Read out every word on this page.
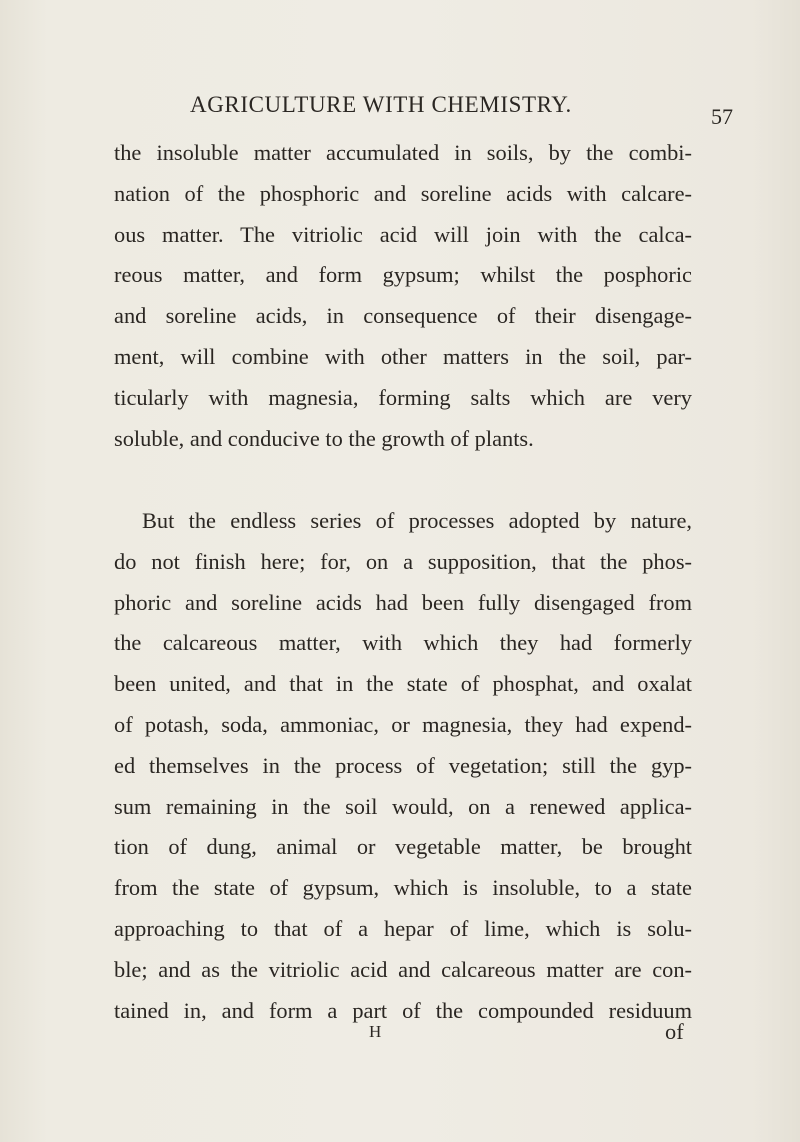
AGRICULTURE WITH CHEMISTRY.	57
the insoluble matter accumulated in soils, by the combi-
nation of the phosphoric and soreline acids with calcare-
ous matter. The vitriolic acid will join with the calca-
reous matter, and form gypsum; whilst the posphoric
and soreline acids, in consequence of their disengage-
ment, will combine with other matters in the soil, par-
ticularly with magnesia, forming salts which are very
soluble, and conducive to the growth of plants.
But the endless series of processes adopted by nature,
do not finish here; for, on a supposition, that the phos-
phoric and soreline acids had been fully disengaged from
the calcareous matter, with which they had formerly
been united, and that in the state of phosphat, and oxalat
of potash, soda, ammoniac, or magnesia, they had expend-
ed themselves in the process of vegetation; still the gyp-
sum remaining in the soil would, on a renewed applica-
tion of dung, animal or vegetable matter, be brought
from the state of gypsum, which is insoluble, to a state
approaching to that of a hepar of lime, which is solu-
ble; and as the vitriolic acid and calcareous matter are con-
tained in, and form a part of the compounded residuum
H	of
